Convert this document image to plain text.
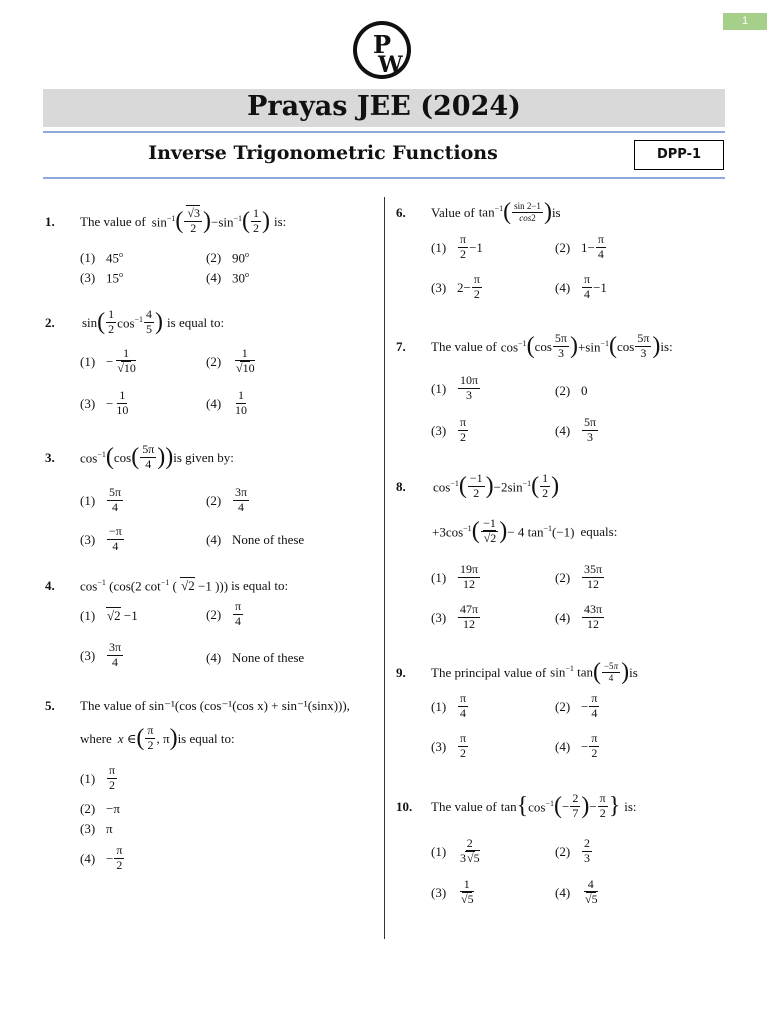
1
P
W
Prayas JEE (2024)
Inverse Trigonometric Functions	DPP-1
1.	The value of $\sin^{-1}$ ( √3
2 ) $-\sin^{-1}$ ( 1
2 ) is:
(1) 45$^o$	(2) 90$^o$
(3) 15$^o$	(4) 30$^o$
2.	sin ( 1
2 $\cos^{-1} 4$
5 ) is equal to:
$(1) - \frac{1}{√10}$	(2)
1
√10
$(3) - \frac{1}{10}$	(4)
1
10
3.	$\cos^{-1}$ ( cos ( 5π
4 )) is given by:
(1)
5π
4	(2)
3π
4
(3)
−π
4	(4) None of these
4.	$\cos^{-1} (\cos(2$ $\cot^{-1}$ ( √2 −1 ))) is equal to:
(1) √2 −1	(2)
π
4
(3)
3π
4	(4) None of these
5.	The value of sin⁻¹(cos (cos⁻¹(cos x) + sin⁻¹(sinx))),
where x ∈ ( π
2 , π ) is equal to:
(1)
π
2
(2) −π
(3) π
$(4) - \frac{\pi}{2}$
6.	Value of $\tan^{-1}$ ( sin 2−1
cos2 ) is
(1)
π
2 −1	(2) $1- \frac{\pi}{4}$
(3) $2- \frac{\pi}{2}$	(4)
π
4 −1
7.	The value of $\cos^{-1}$ ( cos
5π
3 ) $+\sin^{-1}$ ( cos
5π
3 ) is:
(1)
10π
3	(2) 0
(3)
π
2	(4)
5π
3
8.	$\cos^{-1}$ ( −1
2 ) $-2\sin^{-1}$ ( 1
2 )
$+3\cos^{-1}$ ( −1
√2 ) − 4 $\tan^{-1}(-1)$ equals:
(1)
19π
12	(2)
35π
12
(3)
47π
12	(4)
43π
12
9.	The principal value of $\sin^{-1} \tan$ ( −5π
4 ) is
(1)
π
4	$(2) - \frac{\pi}{4}$
(3)
π
2	$(4) - \frac{\pi}{2}$
10.	The value of tan { $\cos^{-1}$ ( − $\frac{2}{7}$ ) − $\frac{\pi}{2}$ } is:
(1)
2
3√5	(2)
2
3
(3)
1
√5	(4)
4
√5
